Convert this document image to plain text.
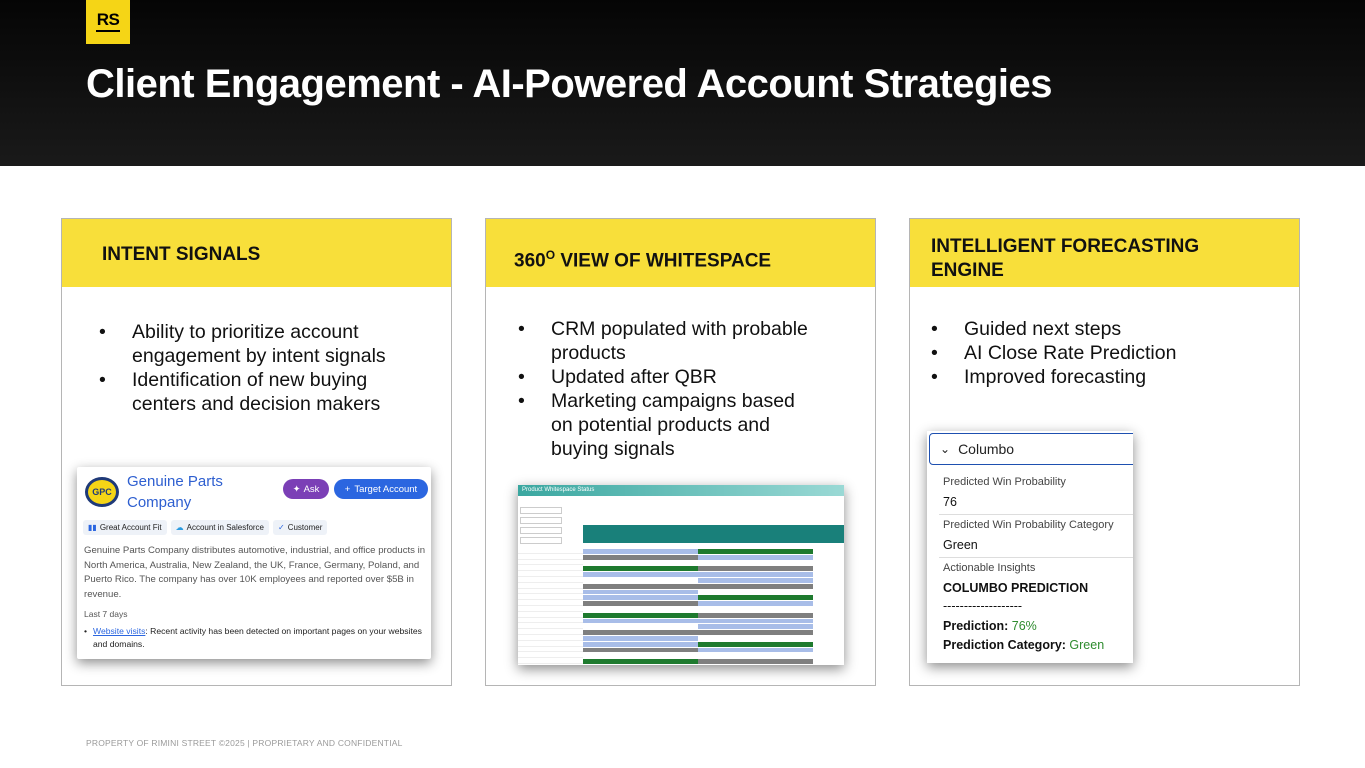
RS
Client Engagement - AI-Powered Account Strategies
INTENT SIGNALS
• Ability to prioritize account engagement by intent signals
• Identification of new buying centers and decision makers
GPC
Genuine Parts Company
✦ Ask	+ Target Account
▮▮ Great Account Fit ☁ Account in Salesforce ✓ Customer
Genuine Parts Company distributes automotive, industrial, and office products in North America, Australia, New Zealand, the UK, France, Germany, Poland, and Puerto Rico. The company has over 10K employees and reported over $5B in revenue.
Last 7 days
• Website visits: Recent activity has been detected on important pages on your websites and domains.
$360^O$ VIEW OF WHITESPACE
• CRM populated with probable products
• Updated after QBR
• Marketing campaigns based on potential products and buying signals
Product Whitespace Status
INTELLIGENT FORECASTING ENGINE
• Guided next steps
• AI Close Rate Prediction
• Improved forecasting
⌄ Columbo
Predicted Win Probability
76
Predicted Win Probability Category
Green
Actionable Insights
COLUMBO PREDICTION
-------------------
Prediction: 76%
Prediction Category: Green
PROPERTY OF RIMINI STREET ©2025 | PROPRIETARY AND CONFIDENTIAL
